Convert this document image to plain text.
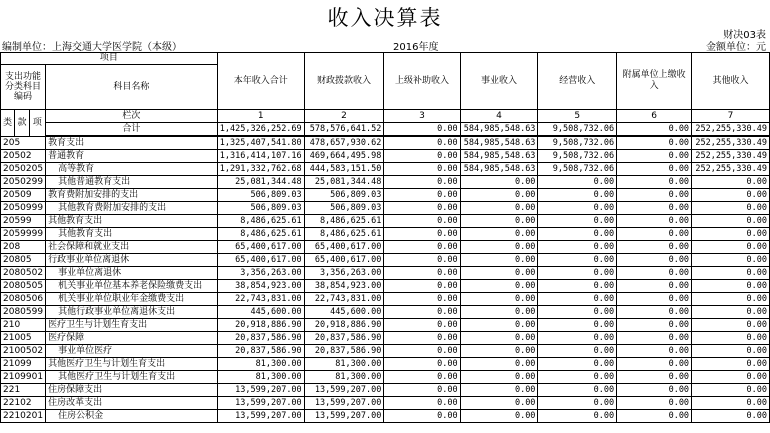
收入决算表
财决03表
编制单位：上海交通大学医学院（本级）	2016年度	金额单位：元
项目				本年收入合计	财政拨款收入	上级补助收入	事业收入	经营收入	附属单位上缴收入	其他收入
支出功能分类科目编码			科目名称							
类	款	项	栏次	1	2	3	4	5	6	7
			合计	1,425,326,252.69	578,576,641.52	0.00	584,985,548.63	9,508,732.06	0.00	252,255,330.49

205			教育支出	1,325,407,541.80	478,657,930.62	0.00	584,985,548.63	9,508,732.06	0.00	252,255,330.49
20502			普通教育	1,316,414,107.16	469,664,495.98	0.00	584,985,548.63	9,508,732.06	0.00	252,255,330.49
2050205			高等教育	1,291,332,762.68	444,583,151.50	0.00	584,985,548.63	9,508,732.06	0.00	252,255,330.49
2050299			其他普通教育支出	25,081,344.48	25,081,344.48	0.00	0.00	0.00	0.00	0.00
20509			教育费附加安排的支出	506,809.03	506,809.03	0.00	0.00	0.00	0.00	0.00
2050999			其他教育费附加安排的支出	506,809.03	506,809.03	0.00	0.00	0.00	0.00	0.00
20599			其他教育支出	8,486,625.61	8,486,625.61	0.00	0.00	0.00	0.00	0.00
2059999			其他教育支出	8,486,625.61	8,486,625.61	0.00	0.00	0.00	0.00	0.00
208			社会保障和就业支出	65,400,617.00	65,400,617.00	0.00	0.00	0.00	0.00	0.00
20805			行政事业单位离退休	65,400,617.00	65,400,617.00	0.00	0.00	0.00	0.00	0.00
2080502			事业单位离退休	3,356,263.00	3,356,263.00	0.00	0.00	0.00	0.00	0.00
2080505			机关事业单位基本养老保险缴费支出	38,854,923.00	38,854,923.00	0.00	0.00	0.00	0.00	0.00
2080506			机关事业单位职业年金缴费支出	22,743,831.00	22,743,831.00	0.00	0.00	0.00	0.00	0.00
2080599			其他行政事业单位离退休支出	445,600.00	445,600.00	0.00	0.00	0.00	0.00	0.00
210			医疗卫生与计划生育支出	20,918,886.90	20,918,886.90	0.00	0.00	0.00	0.00	0.00
21005			医疗保障	20,837,586.90	20,837,586.90	0.00	0.00	0.00	0.00	0.00
2100502			事业单位医疗	20,837,586.90	20,837,586.90	0.00	0.00	0.00	0.00	0.00
21099			其他医疗卫生与计划生育支出	81,300.00	81,300.00	0.00	0.00	0.00	0.00	0.00
2109901			其他医疗卫生与计划生育支出	81,300.00	81,300.00	0.00	0.00	0.00	0.00	0.00
221			住房保障支出	13,599,207.00	13,599,207.00	0.00	0.00	0.00	0.00	0.00
22102			住房改革支出	13,599,207.00	13,599,207.00	0.00	0.00	0.00	0.00	0.00
2210201			住房公积金	13,599,207.00	13,599,207.00	0.00	0.00	0.00	0.00	0.00
